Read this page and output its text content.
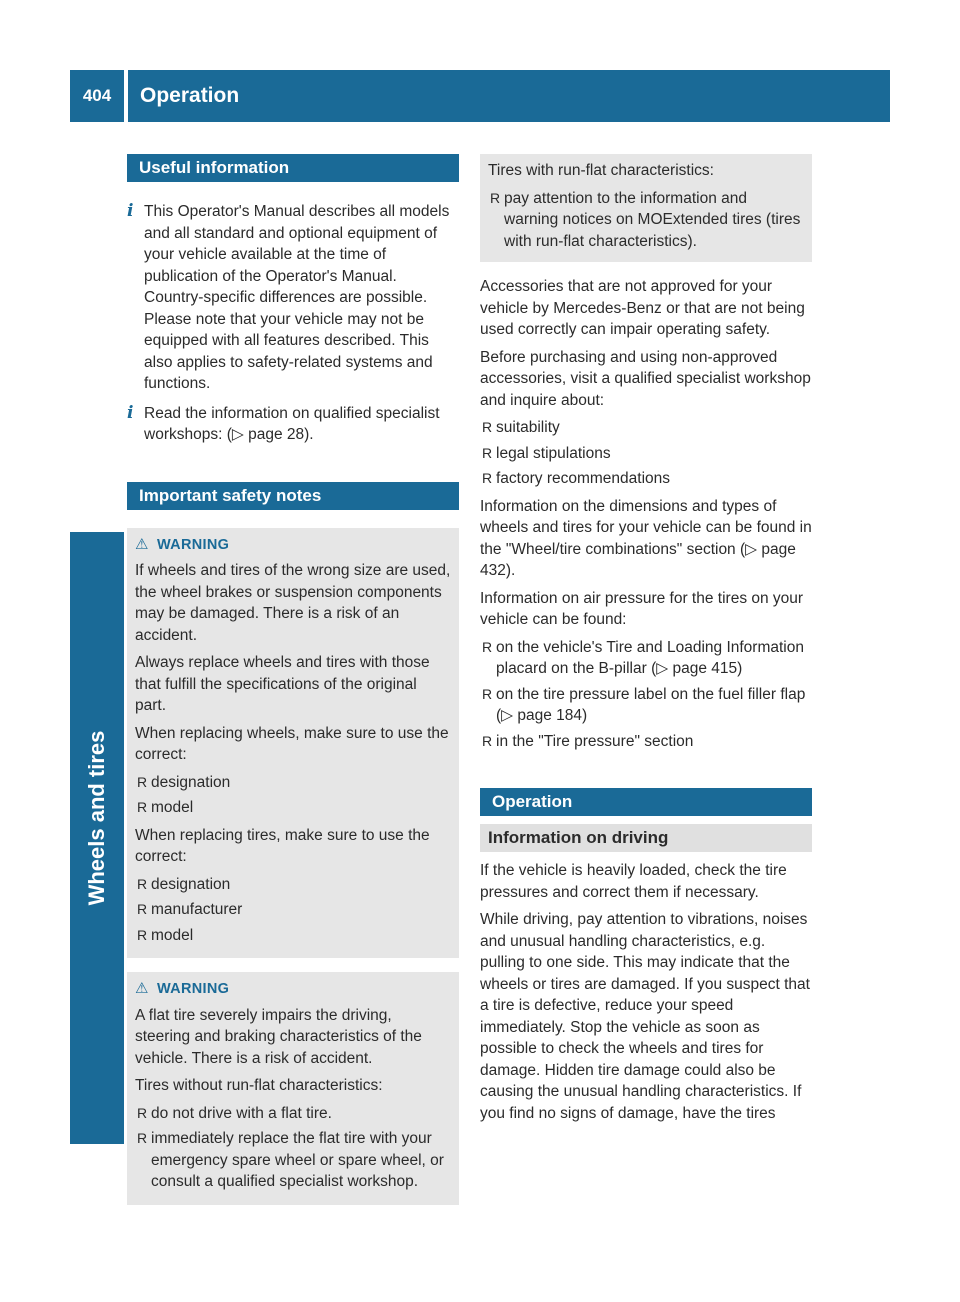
404	Operation
Wheels and tires
Useful information
i This Operator's Manual describes all models and all standard and optional equipment of your vehicle available at the time of publication of the Operator's Manual. Country-specific differences are possible. Please note that your vehicle may not be equipped with all features described. This also applies to safety-related systems and functions.
i Read the information on qualified specialist workshops: (▷ page 28).
Important safety notes
⚠ WARNING

If wheels and tires of the wrong size are used, the wheel brakes or suspension components may be damaged. There is a risk of an accident.

Always replace wheels and tires with those that fulfill the specifications of the original part.

When replacing wheels, make sure to use the correct:

R designation
R model

When replacing tires, make sure to use the correct:

R designation
R manufacturer
R model
⚠ WARNING

A flat tire severely impairs the driving, steering and braking characteristics of the vehicle. There is a risk of accident.

Tires without run-flat characteristics:

R do not drive with a flat tire.
R immediately replace the flat tire with your emergency spare wheel or spare wheel, or consult a qualified specialist workshop.

Tires with run-flat characteristics:

R pay attention to the information and warning notices on MOExtended tires (tires with run-flat characteristics).

Accessories that are not approved for your vehicle by Mercedes-Benz or that are not being used correctly can impair operating safety.

Before purchasing and using non-approved accessories, visit a qualified specialist workshop and inquire about:

R suitability
R legal stipulations
R factory recommendations

Information on the dimensions and types of wheels and tires for your vehicle can be found in the "Wheel/tire combinations" section (▷ page 432).

Information on air pressure for the tires on your vehicle can be found:

R on the vehicle's Tire and Loading Information placard on the B-pillar (▷ page 415)
R on the tire pressure label on the fuel filler flap (▷ page 184)
R in the "Tire pressure" section
Operation
Information on driving

If the vehicle is heavily loaded, check the tire pressures and correct them if necessary.

While driving, pay attention to vibrations, noises and unusual handling characteristics, e.g. pulling to one side. This may indicate that the wheels or tires are damaged. If you suspect that a tire is defective, reduce your speed immediately. Stop the vehicle as soon as possible to check the wheels and tires for damage. Hidden tire damage could also be causing the unusual handling characteristics. If you find no signs of damage, have the tires
